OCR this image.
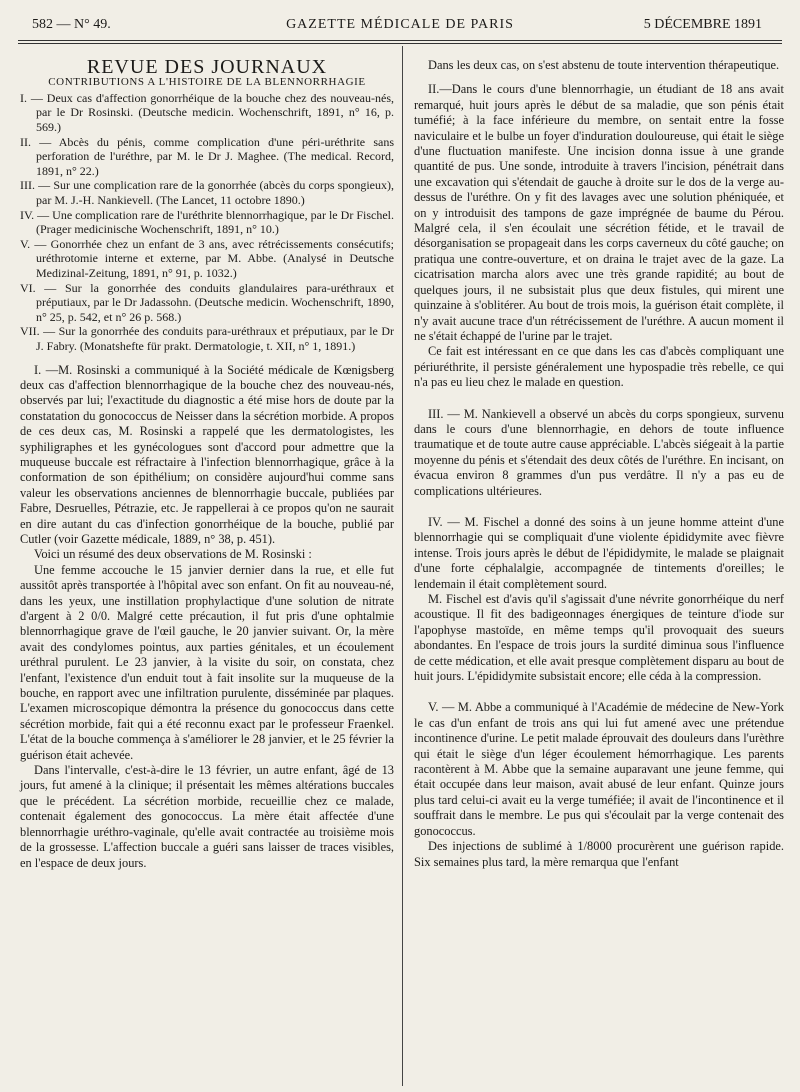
582 — N° 49.	GAZETTE MÉDICALE DE PARIS	5 DÉCEMBRE 1891

REVUE DES JOURNAUX

CONTRIBUTIONS A L'HISTOIRE DE LA BLENNORRHAGIE

I. — Deux cas d'affection gonorrhéique de la bouche chez des nouveau-nés, par le Dr Rosinski. (Deutsche medicin. Wochenschrift, 1891, n° 16, p. 569.)

II. — Abcès du pénis, comme complication d'une péri-uréthrite sans perforation de l'uréthre, par M. le Dr J. Maghee. (The medical. Record, 1891, n° 22.)

III. — Sur une complication rare de la gonorrhée (abcès du corps spongieux), par M. J.-H. Nankievell. (The Lancet, 11 octobre 1890.)

IV. — Une complication rare de l'uréthrite blennorrhagique, par le Dr Fischel. (Prager medicinische Wochenschrift, 1891, n° 10.)

V. — Gonorrhée chez un enfant de 3 ans, avec rétrécissements consécutifs; uréthrotomie interne et externe, par M. Abbe. (Analysé in Deutsche Medizinal-Zeitung, 1891, n° 91, p. 1032.)

VI. — Sur la gonorrhée des conduits glandulaires para-uréthraux et préputiaux, par le Dr Jadassohn. (Deutsche medicin. Wochenschrift, 1890, n° 25, p. 542, et n° 26 p. 568.)

VII. — Sur la gonorrhée des conduits para-uréthraux et préputiaux, par le Dr J. Fabry. (Monatshefte für prakt. Dermatologie, t. XII, n° 1, 1891.)

I. —M. Rosinski a communiqué à la Société médicale de Kœnigsberg deux cas d'affection blennorrhagique de la bouche chez des nouveau-nés, observés par lui; l'exactitude du diagnostic a été mise hors de doute par la constatation du gonococcus de Neisser dans la sécrétion morbide. A propos de ces deux cas, M. Rosinski a rappelé que les dermatologistes, les syphiligraphes et les gynécologues sont d'accord pour admettre que la muqueuse buccale est réfractaire à l'infection blennorrhagique, grâce à la conformation de son épithélium; on considère aujourd'hui comme sans valeur les observations anciennes de blennorrhagie buccale, publiées par Fabre, Desruelles, Pétrazie, etc. Je rappellerai à ce propos qu'on ne saurait en dire autant du cas d'infection gonorrhéique de la bouche, publié par Cutler (voir Gazette médicale, 1889, n° 38, p. 451).

Voici un résumé des deux observations de M. Rosinski :

Une femme accouche le 15 janvier dernier dans la rue, et elle fut aussitôt après transportée à l'hôpital avec son enfant. On fit au nouveau-né, dans les yeux, une instillation prophylactique d'une solution de nitrate d'argent à 2 0/0. Malgré cette précaution, il fut pris d'une ophtalmie blennorrhagique grave de l'œil gauche, le 20 janvier suivant. Or, la mère avait des condylomes pointus, aux parties génitales, et un écoulement uréthral purulent. Le 23 janvier, à la visite du soir, on constata, chez l'enfant, l'existence d'un enduit tout à fait insolite sur la muqueuse de la bouche, en rapport avec une infiltration purulente, disséminée par plaques. L'examen microscopique démontra la présence du gonococcus dans cette sécrétion morbide, fait qui a été reconnu exact par le professeur Fraenkel. L'état de la bouche commença à s'améliorer le 28 janvier, et le 25 février la guérison était achevée.

Dans l'intervalle, c'est-à-dire le 13 février, un autre enfant, âgé de 13 jours, fut amené à la clinique; il présentait les mêmes altérations buccales que le précédent. La sécrétion morbide, recueillie chez ce malade, contenait également des gonococcus. La mère était affectée d'une blennorrhagie uréthro-vaginale, qu'elle avait contractée au troisième mois de la grossesse. L'affection buccale a guéri sans laisser de traces visibles, en l'espace de deux jours.

Dans les deux cas, on s'est abstenu de toute intervention thérapeutique.

II.—Dans le cours d'une blennorrhagie, un étudiant de 18 ans avait remarqué, huit jours après le début de sa maladie, que son pénis était tuméfié; à la face inférieure du membre, on sentait entre la fosse naviculaire et le bulbe un foyer d'induration douloureuse, qui était le siège d'une fluctuation manifeste. Une incision donna issue à une grande quantité de pus. Une sonde, introduite à travers l'incision, pénétrait dans une excavation qui s'étendait de gauche à droite sur le dos de la verge au-dessus de l'uréthre. On y fit des lavages avec une solution phéniquée, et on y introduisit des tampons de gaze imprégnée de baume du Pérou. Malgré cela, il s'en écoulait une sécrétion fétide, et le travail de désorganisation se propageait dans les corps caverneux du côté gauche; on pratiqua une contre-ouverture, et on draina le trajet avec de la gaze. La cicatrisation marcha alors avec une très grande rapidité; au bout de quelques jours, il ne subsistait plus que deux fistules, qui mirent une quinzaine à s'oblitérer. Au bout de trois mois, la guérison était complète, il n'y avait aucune trace d'un rétrécissement de l'uréthre. A aucun moment il ne s'était échappé de l'urine par le trajet.

Ce fait est intéressant en ce que dans les cas d'abcès compliquant une périuréthrite, il persiste généralement une hypospadie très rebelle, ce qui n'a pas eu lieu chez le malade en question.

III. — M. Nankievell a observé un abcès du corps spongieux, survenu dans le cours d'une blennorrhagie, en dehors de toute influence traumatique et de toute autre cause appréciable. L'abcès siégeait à la partie moyenne du pénis et s'étendait des deux côtés de l'uréthre. En incisant, on évacua environ 8 grammes d'un pus verdâtre. Il n'y a pas eu de complications ultérieures.

IV. — M. Fischel a donné des soins à un jeune homme atteint d'une blennorrhagie qui se compliquait d'une violente épididymite avec fièvre intense. Trois jours après le début de l'épididymite, le malade se plaignait d'une forte céphalalgie, accompagnée de tintements d'oreilles; le lendemain il était complètement sourd.

M. Fischel est d'avis qu'il s'agissait d'une névrite gonorrhéique du nerf acoustique. Il fit des badigeonnages énergiques de teinture d'iode sur l'apophyse mastoïde, en même temps qu'il provoquait des sueurs abondantes. En l'espace de trois jours la surdité diminua sous l'influence de cette médication, et elle avait presque complètement disparu au bout de huit jours. L'épididymite subsistait encore; elle céda à la compression.

V. — M. Abbe a communiqué à l'Académie de médecine de New-York le cas d'un enfant de trois ans qui lui fut amené avec une prétendue incontinence d'urine. Le petit malade éprouvait des douleurs dans l'urèthre qui était le siège d'un léger écoulement hémorrhagique. Les parents racontèrent à M. Abbe que la semaine auparavant une jeune femme, qui était occupée dans leur maison, avait abusé de leur enfant. Quinze jours plus tard celui-ci avait eu la verge tuméfiée; il avait de l'incontinence et il souffrait dans le membre. Le pus qui s'écoulait par la verge contenait des gonococcus.

Des injections de sublimé à 1/8000 procurèrent une guérison rapide. Six semaines plus tard, la mère remarqua que l'enfant
